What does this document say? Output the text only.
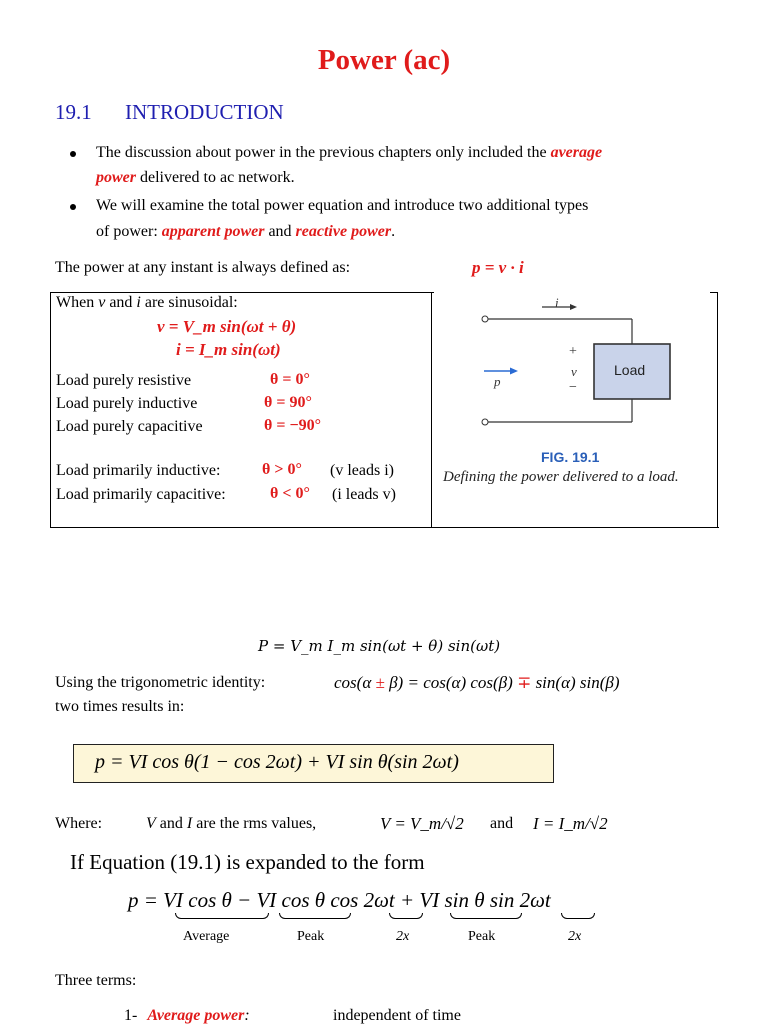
Power (ac)
19.1 INTRODUCTION
The discussion about power in the previous chapters only included the average
power delivered to ac network.
We will examine the total power equation and introduce two additional types
of power: apparent power and reactive power.
The power at any instant is always defined as:	p = v · i
When v and i are sinusoidal:
v = V_m sin(ωt + θ)
i = I_m sin(ωt)
Load purely resistive	θ = 0°
Load purely inductive	θ = 90°
Load purely capacitive	θ = −90°
Load primarily inductive:	θ > 0° (v leads i)
Load primarily capacitive:	θ < 0° (i leads v)
i
p
+
v
−
Load
FIG. 19.1
Defining the power delivered to a load.
P = V_m I_m sin(ωt + θ) sin(ωt)
Using the trigonometric identity:	cos(α ± β) = cos(α) cos(β) ∓ sin(α) sin(β)
two times results in:
p = VI cos θ(1 − cos 2ωt) + VI sin θ(sin 2ωt)
Where:	V and I are the rms values,	V = V_m/√2 and I = I_m/√2
If Equation (19.1) is expanded to the form
p = VI cos θ − VI cos θ cos 2ωt + VI sin θ sin 2ωt
Average	Peak	2x	Peak	2x
Three terms:
1- Average power:	independent of time
